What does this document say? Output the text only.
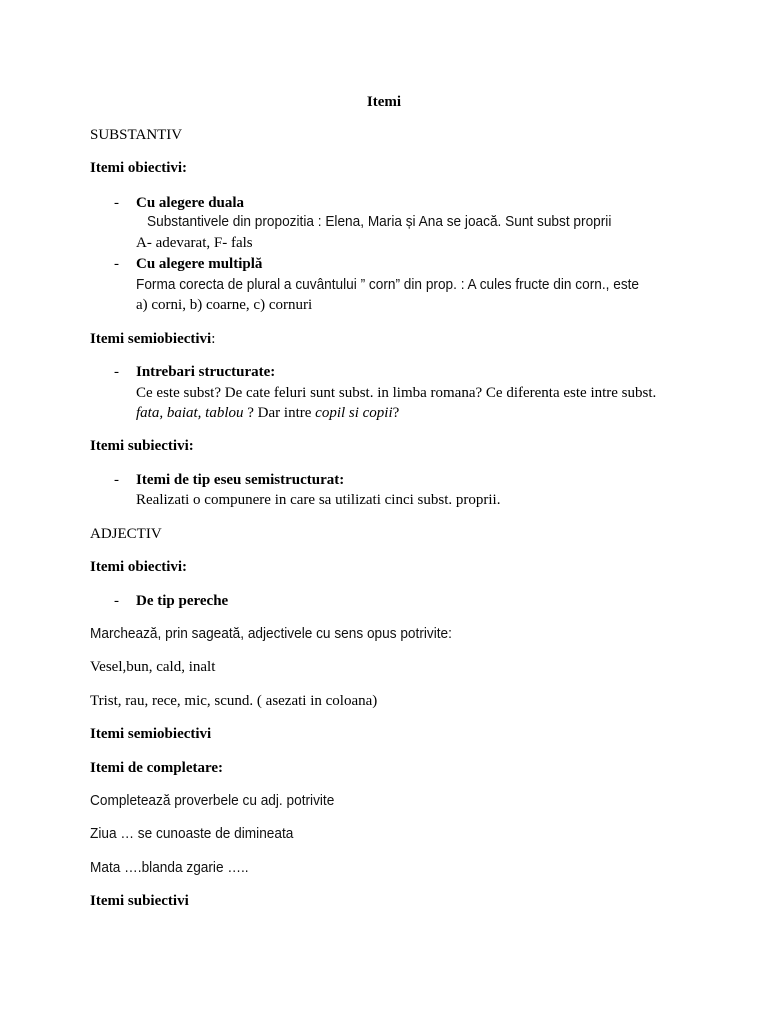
Itemi
SUBSTANTIV
Itemi obiectivi:
- Cu alegere duala
Substantivele din propozitia : Elena, Maria și Ana se joacă. Sunt subst proprii
A- adevarat, F- fals
- Cu alegere multiplă
Forma corecta de plural a cuvântului ” corn” din prop. : A cules fructe din corn., este
a) corni, b) coarne, c) cornuri
Itemi semiobiectivi:
- Intrebari structurate:
Ce este subst? De cate feluri sunt subst. in limba romana? Ce diferenta este intre subst.
fata, baiat, tablou ? Dar intre copil si copii?
Itemi subiectivi:
- Itemi de tip eseu semistructurat:
Realizati o compunere in care sa utilizati cinci subst. proprii.
ADJECTIV
Itemi obiectivi:
- De tip pereche
Marchează, prin sageată, adjectivele cu sens opus potrivite:
Vesel,bun, cald, inalt
Trist, rau, rece, mic, scund. ( asezati in coloana)
Itemi semiobiectivi
Itemi de completare:
Completează proverbele cu adj. potrivite
Ziua … se cunoaste de dimineata
Mata ….blanda zgarie …..
Itemi subiectivi
